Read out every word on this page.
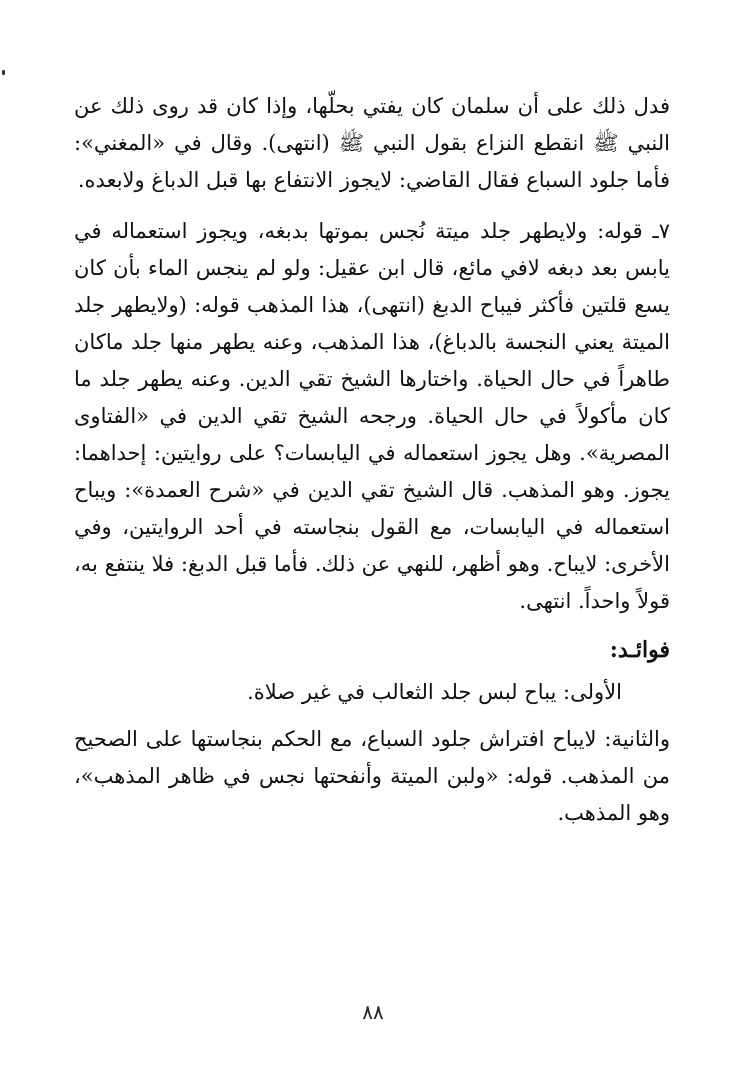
فدل ذلك على أن سلمان كان يفتي بحلّها، وإذا كان قد روى ذلك عن النبي ﷺ انقطع النزاع بقول النبي ﷺ (انتهى). وقال في «المغني»: فأما جلود السباع فقال القاضي: لايجوز الانتفاع بها قبل الدباغ ولابعده.

٧ـ قوله: ولايطهر جلد ميتة نُجس بموتها بدبغه، ويجوز استعماله في يابس بعد دبغه لافي مائع، قال ابن عقيل: ولو لم ينجس الماء بأن كان يسع قلتين فأكثر فيباح الدبغ (انتهى)، هذا المذهب قوله: (ولايطهر جلد الميتة يعني النجسة بالدباغ)، هذا المذهب، وعنه يطهر منها جلد ماكان طاهراً في حال الحياة. واختارها الشيخ تقي الدين. وعنه يطهر جلد ما كان مأكولاً في حال الحياة. ورجحه الشيخ تقي الدين في «الفتاوى المصرية». وهل يجوز استعماله في اليابسات؟ على روايتين: إحداهما: يجوز. وهو المذهب. قال الشيخ تقي الدين في «شرح العمدة»: ويباح استعماله في اليابسات، مع القول بنجاسته في أحد الروايتين، وفي الأخرى: لايباح. وهو أظهر، للنهي عن ذلك. فأما قبل الدبغ: فلا ينتفع به، قولاً واحداً. انتهى.

فوائـد:

الأولى: يباح لبس جلد الثعالب في غير صلاة.

والثانية: لايباح افتراش جلود السباع، مع الحكم بنجاستها على الصحيح من المذهب. قوله: «ولبن الميتة وأنفحتها نجس في ظاهر المذهب»، وهو المذهب.

٨٨
